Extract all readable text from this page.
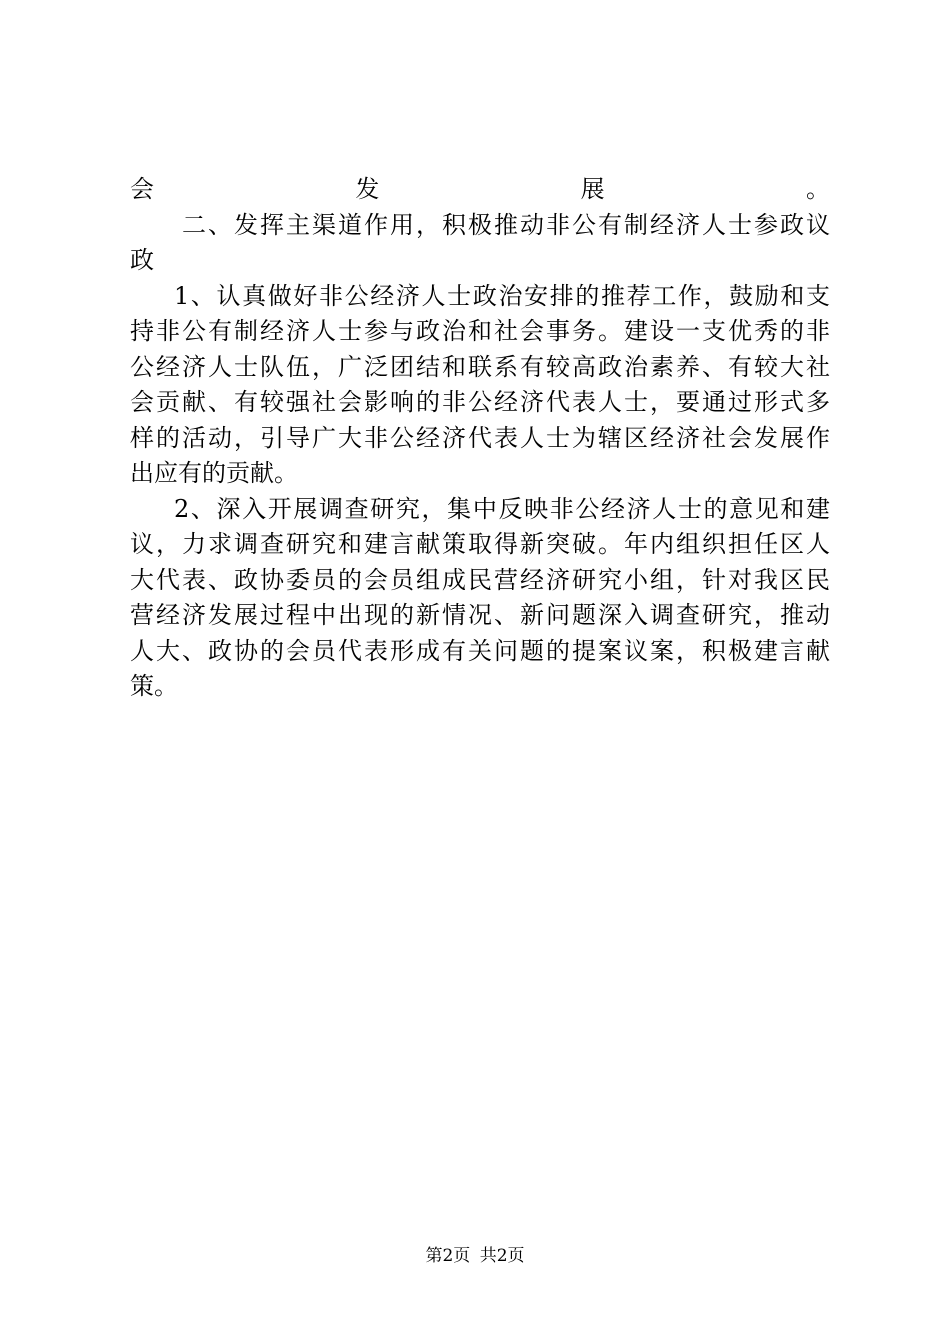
会发展。
二、发挥主渠道作用，积极推动非公有制经济人士参政议
政
1、认真做好非公经济人士政治安排的推荐工作，鼓励和支
持非公有制经济人士参与政治和社会事务。建设一支优秀的非
公经济人士队伍，广泛团结和联系有较高政治素养、有较大社
会贡献、有较强社会影响的非公经济代表人士，要通过形式多
样的活动，引导广大非公经济代表人士为辖区经济社会发展作
出应有的贡献。
2、深入开展调查研究，集中反映非公经济人士的意见和建
议，力求调查研究和建言献策取得新突破。年内组织担任区人
大代表、政协委员的会员组成民营经济研究小组，针对我区民
营经济发展过程中出现的新情况、新问题深入调查研究，推动
人大、政协的会员代表形成有关问题的提案议案，积极建言献
策。
第2页 共2页
